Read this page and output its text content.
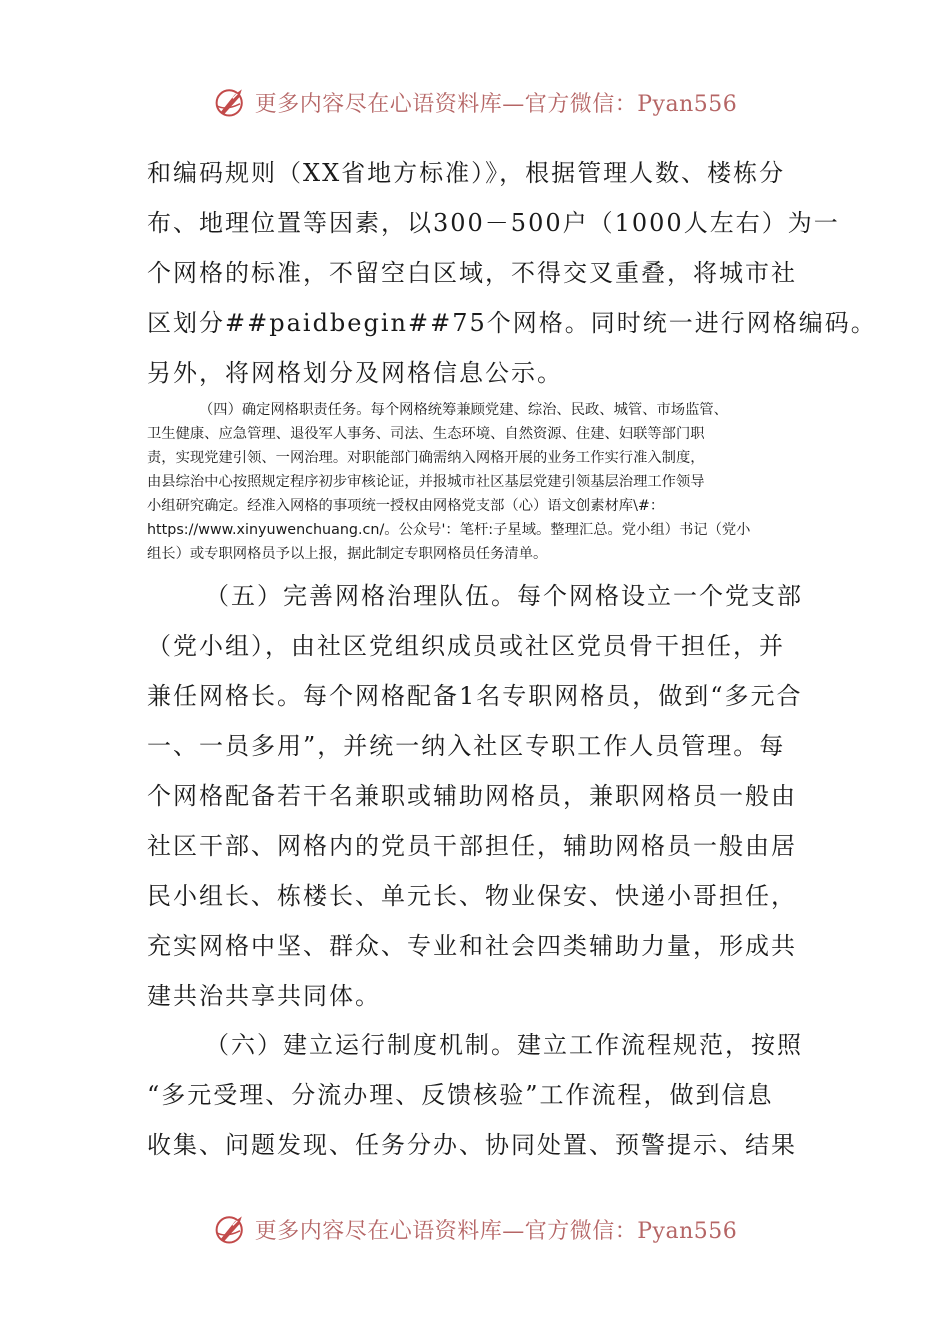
更多内容尽在心语资料库—官方微信：Pyan556
和编码规则（XX省地方标准）》，根据管理人数、楼栋分
布、地理位置等因素，以300－500户（1000人左右）为一
个网格的标准，不留空白区域，不得交叉重叠，将城市社
区划分##paidbegin##75个网格。同时统一进行网格编码。
另外，将网格划分及网格信息公示。
（四）确定网格职责任务。每个网格统筹兼顾党建、综治、民政、城管、市场监管、
卫生健康、应急管理、退役军人事务、司法、生态环境、自然资源、住建、妇联等部门职
责，实现党建引领、一网治理。对职能部门确需纳入网格开展的业务工作实行准入制度，
由县综治中心按照规定程序初步审核论证，并报城市社区基层党建引领基层治理工作领导
小组研究确定。经准入网格的事项统一授权由网格党支部（心）语文创素材库\#：
https://www.xinyuwenchuang.cn/。公众号'：笔杆:子星域。整理汇总。党小组）书记（党小
组长）或专职网格员予以上报，据此制定专职网格员任务清单。
（五）完善网格治理队伍。每个网格设立一个党支部
（党小组），由社区党组织成员或社区党员骨干担任，并
兼任网格长。每个网格配备1名专职网格员，做到“多元合
一、一员多用”，并统一纳入社区专职工作人员管理。每
个网格配备若干名兼职或辅助网格员，兼职网格员一般由
社区干部、网格内的党员干部担任，辅助网格员一般由居
民小组长、栋楼长、单元长、物业保安、快递小哥担任，
充实网格中坚、群众、专业和社会四类辅助力量，形成共
建共治共享共同体。
（六）建立运行制度机制。建立工作流程规范，按照
“多元受理、分流办理、反馈核验”工作流程，做到信息
收集、问题发现、任务分办、协同处置、预警提示、结果
更多内容尽在心语资料库—官方微信：Pyan556
